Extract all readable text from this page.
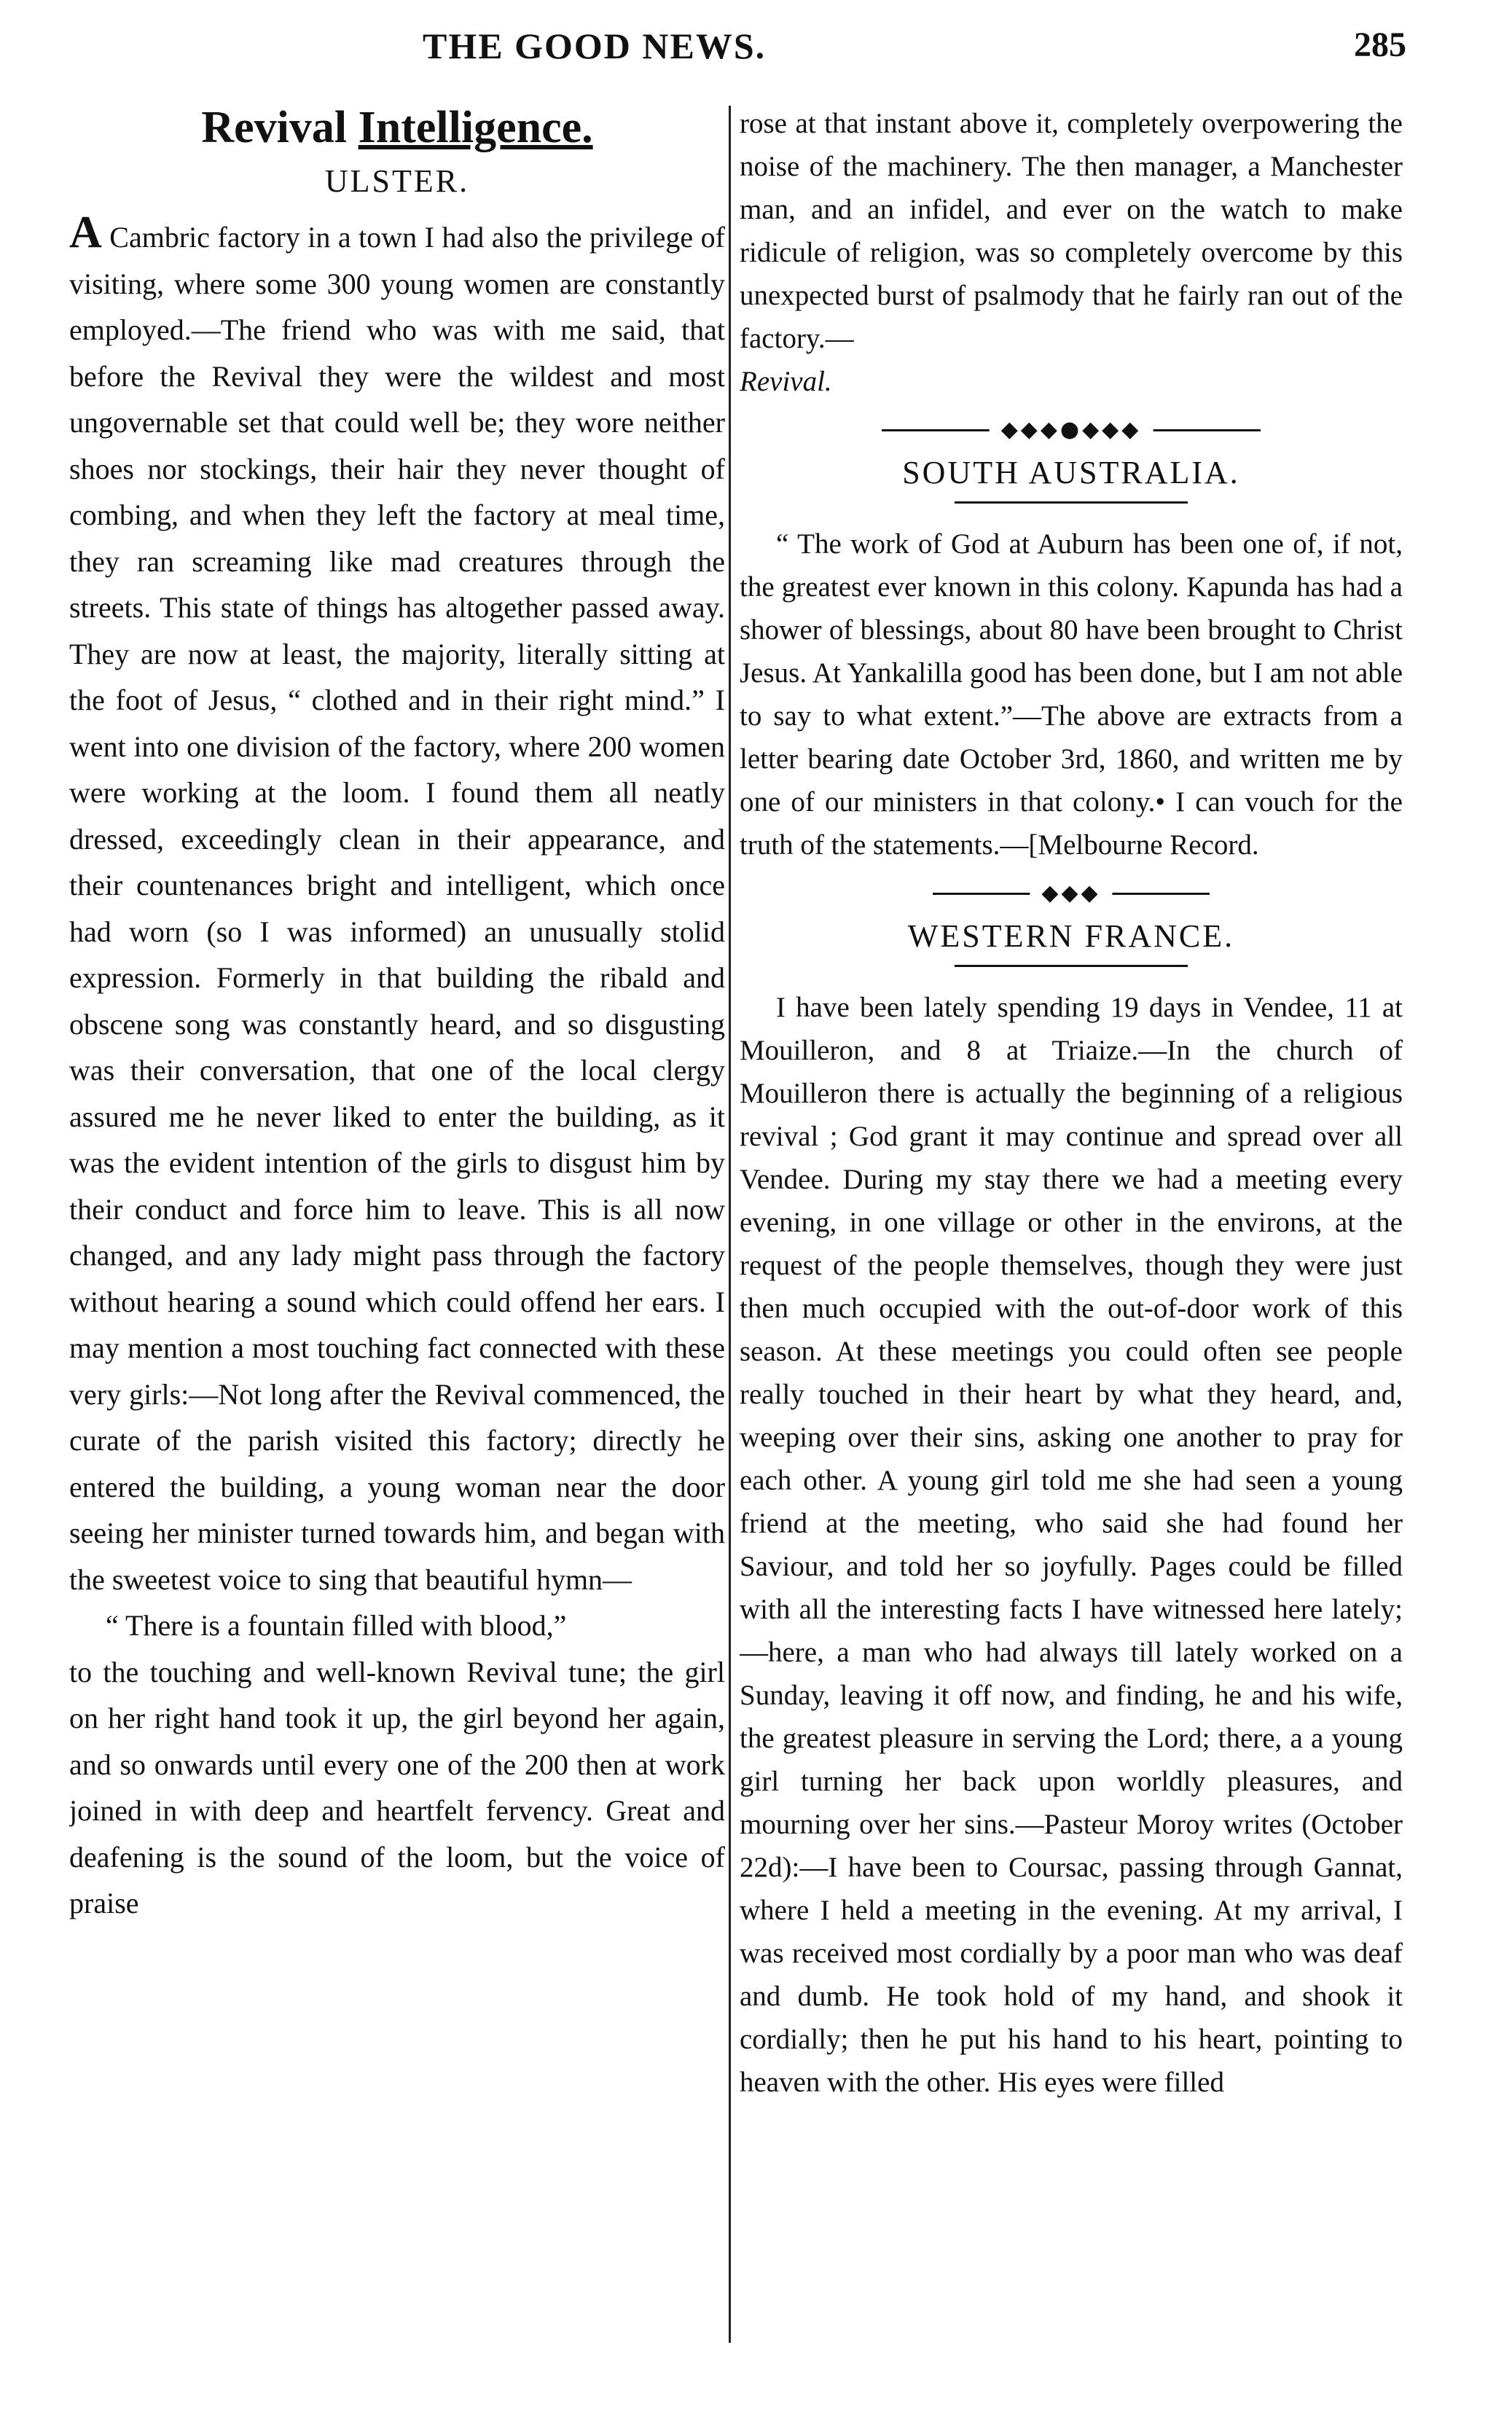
THE GOOD NEWS.	285
Revival Intelligence.
ULSTER.

A Cambric factory in a town I had also the privilege of visiting, where some 300 young women are constantly employed.—The friend who was with me said, that before the Revival they were the wildest and most ungovernable set that could well be; they wore neither shoes nor stockings, their hair they never thought of combing, and when they left the factory at meal time, they ran screaming like mad creatures through the streets. This state of things has altogether passed away. They are now at least, the majority, literally sitting at the foot of Jesus, “ clothed and in their right mind.” I went into one division of the factory, where 200 women were working at the loom. I found them all neatly dressed, exceedingly clean in their appearance, and their countenances bright and intelligent, which once had worn (so I was informed) an unusually stolid expression. Formerly in that building the ribald and obscene song was constantly heard, and so disgusting was their conversation, that one of the local clergy assured me he never liked to enter the building, as it was the evident intention of the girls to disgust him by their conduct and force him to leave. This is all now changed, and any lady might pass through the factory without hearing a sound which could offend her ears. I may mention a most touching fact connected with these very girls:—Not long after the Revival commenced, the curate of the parish visited this factory; directly he entered the building, a young woman near the door seeing her minister turned towards him, and began with the sweetest voice to sing that beautiful hymn—

“ There is a fountain filled with blood,”

to the touching and well-known Revival tune; the girl on her right hand took it up, the girl beyond her again, and so onwards until every one of the 200 then at work joined in with deep and heartfelt fervency. Great and deafening is the sound of the loom, but the voice of praise

rose at that instant above it, completely overpowering the noise of the machinery. The then manager, a Manchester man, and an infidel, and ever on the watch to make ridicule of religion, was so completely overcome by this unexpected burst of psalmody that he fairly ran out of the factory.—
Revival.

◆◆◆●◆◆◆
SOUTH AUSTRALIA.

“ The work of God at Auburn has been one of, if not, the greatest ever known in this colony. Kapunda has had a shower of blessings, about 80 have been brought to Christ Jesus. At Yankalilla good has been done, but I am not able to say to what extent.”—The above are extracts from a letter bearing date October 3rd, 1860, and written me by one of our ministers in that colony.• I can vouch for the truth of the statements.—[Melbourne Record.

◆◆◆
WESTERN FRANCE.

I have been lately spending 19 days in Vendee, 11 at Mouilleron, and 8 at Triaize.—In the church of Mouilleron there is actually the beginning of a religious revival ; God grant it may continue and spread over all Vendee. During my stay there we had a meeting every evening, in one village or other in the environs, at the request of the people themselves, though they were just then much occupied with the out-of-door work of this season. At these meetings you could often see people really touched in their heart by what they heard, and, weeping over their sins, asking one another to pray for each other. A young girl told me she had seen a young friend at the meeting, who said she had found her Saviour, and told her so joyfully. Pages could be filled with all the interesting facts I have witnessed here lately;—here, a man who had always till lately worked on a Sunday, leaving it off now, and finding, he and his wife, the greatest pleasure in serving the Lord; there, a a young girl turning her back upon worldly pleasures, and mourning over her sins.—Pasteur Moroy writes (October 22d):—I have been to Coursac, passing through Gannat, where I held a meeting in the evening. At my arrival, I was received most cordially by a poor man who was deaf and dumb. He took hold of my hand, and shook it cordially; then he put his hand to his heart, pointing to heaven with the other. His eyes were filled
